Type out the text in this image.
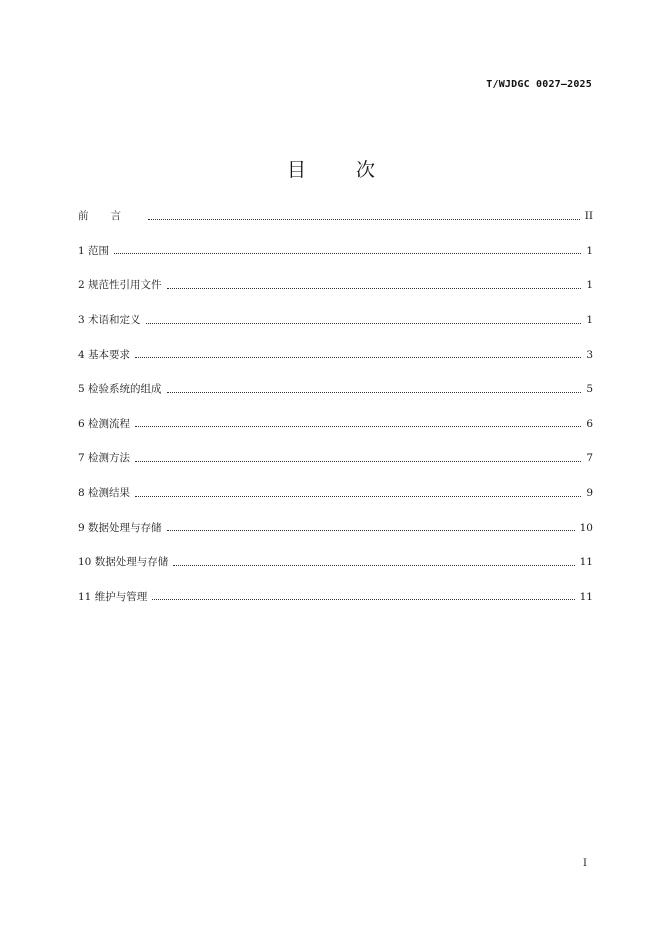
T/WJDGC 0027—2025
目 次
前言	II
1 范围	1
2 规范性引用文件	1
3 术语和定义	1
4 基本要求	3
5 检验系统的组成	5
6 检测流程	6
7 检测方法	7
8 检测结果	9
9 数据处理与存储	10
10 数据处理与存储	11
11 维护与管理	11
I
